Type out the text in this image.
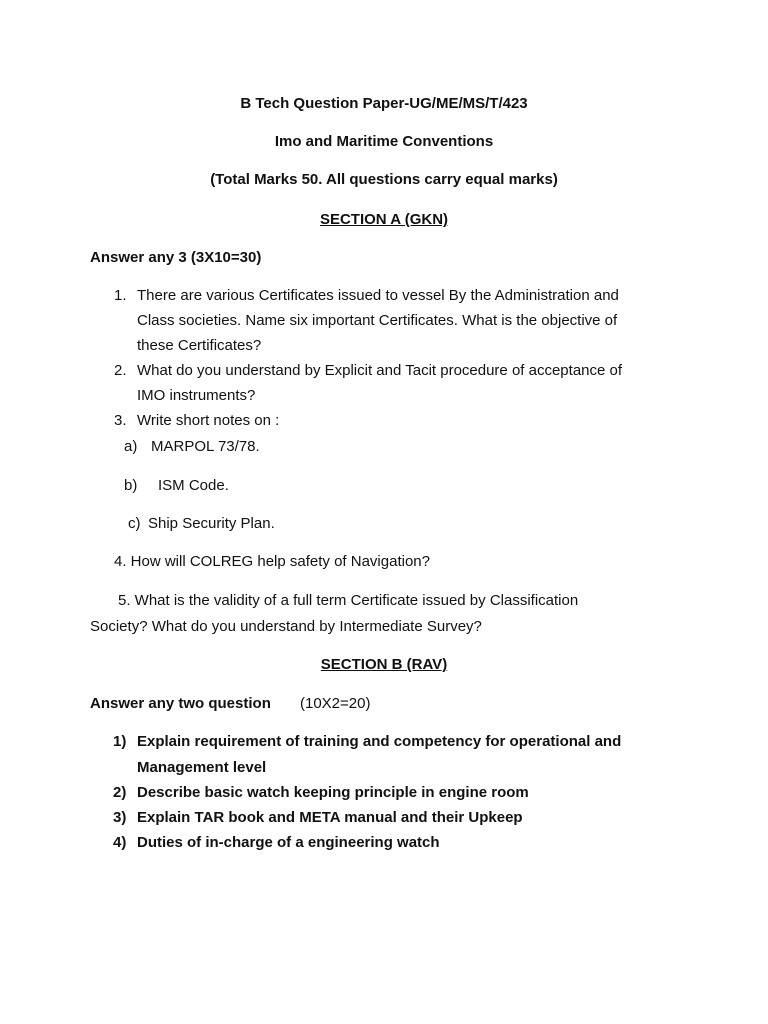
B Tech Question Paper-UG/ME/MS/T/423
Imo and Maritime Conventions
(Total Marks 50. All questions carry equal marks)
SECTION A (GKN)
Answer any 3 (3X10=30)
1. There are various Certificates issued to vessel By the Administration and
Class societies. Name six important Certificates. What is the objective of
these Certificates?
2. What do you understand by Explicit and Tacit procedure of acceptance of
IMO instruments?
3. Write short notes on :
a) MARPOL 73/78.
b) ISM Code.
c) Ship Security Plan.
4. How will COLREG help safety of Navigation?
5. What is the validity of a full term Certificate issued by Classification
Society? What do you understand by Intermediate Survey?
SECTION B (RAV)
Answer any two question (10X2=20)
1) Explain requirement of training and competency for operational and
Management level
2) Describe basic watch keeping principle in engine room
3) Explain TAR book and META manual and their Upkeep
4) Duties of in-charge of a engineering watch
